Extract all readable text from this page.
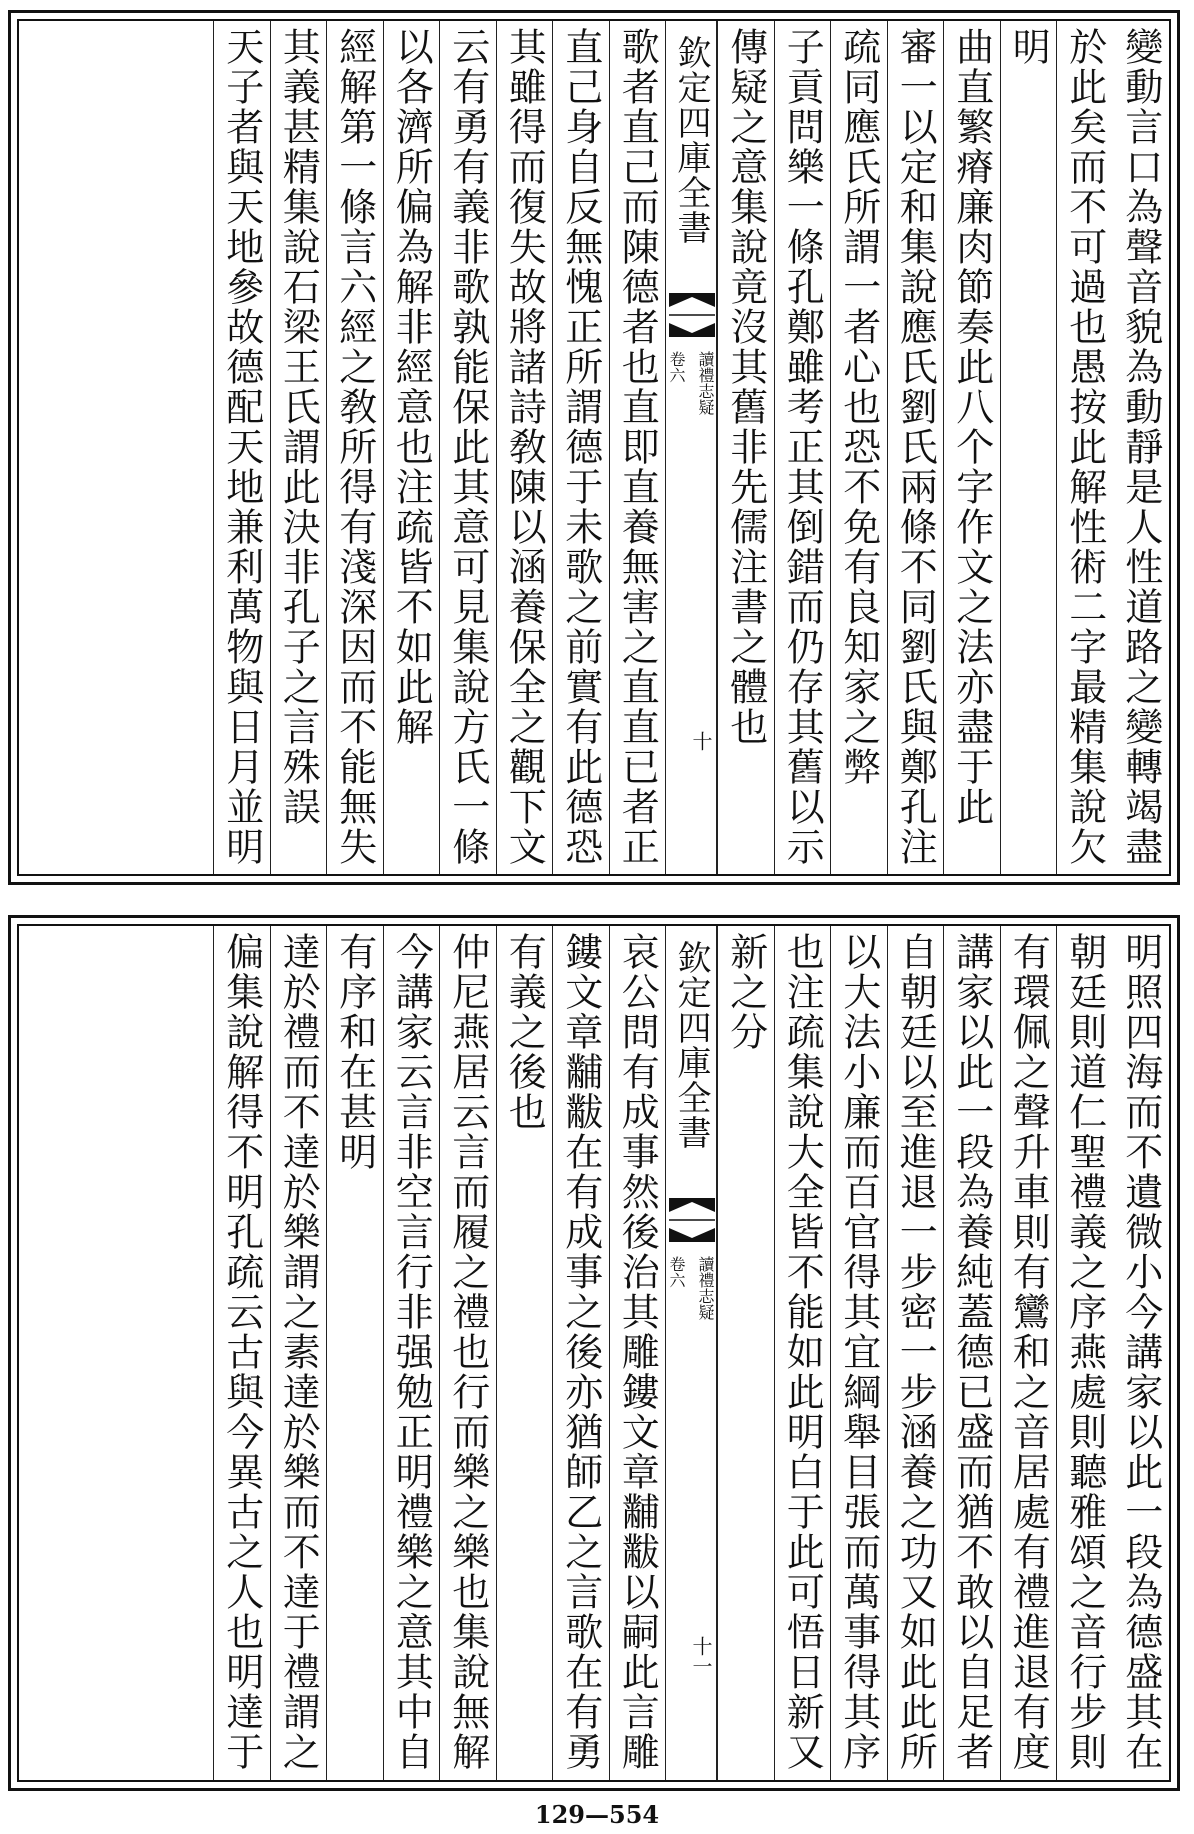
變動言口為聲音貌為動靜是人性道路之變轉竭盡
於此矣而不可過也愚按此解性術二字最精集說欠
明
曲直繁瘠廉肉節奏此八个字作文之法亦盡于此
審一以定和集說應氏劉氏兩條不同劉氏與鄭孔注
疏同應氏所謂一者心也恐不免有良知家之弊
子貢問樂一條孔鄭雖考正其倒錯而仍存其舊以示
傳疑之意集說竟沒其舊非先儒注書之體也
欽定四庫全書
讀禮志疑
卷六
十
歌者直己而陳德者也直即直養無害之直直已者正
直己身自反無愧正所謂德于未歌之前實有此德恐
其雖得而復失故將諸詩敎陳以涵養保全之觀下文
云有勇有義非歌孰能保此其意可見集說方氏一條
以各濟所偏為解非經意也注疏皆不如此解
經解第一條言六經之敎所得有淺深因而不能無失
其義甚精集說石梁王氏謂此決非孔子之言殊誤
天子者與天地參故德配天地兼利萬物與日月並明
明照四海而不遺微小今講家以此一段為德盛其在
朝廷則道仁聖禮義之序燕處則聽雅頌之音行步則
有環佩之聲升車則有鸞和之音居處有禮進退有度
講家以此一段為養純蓋德已盛而猶不敢以自足者
自朝廷以至進退一步密一步涵養之功又如此此所
以大法小廉而百官得其宜綱舉目張而萬事得其序
也注疏集說大全皆不能如此明白于此可悟日新又
新之分
欽定四庫全書
讀禮志疑
卷六
十一
哀公問有成事然後治其雕鏤文章黼黻以嗣此言雕
鏤文章黼黻在有成事之後亦猶師乙之言歌在有勇
有義之後也
仲尼燕居云言而履之禮也行而樂之樂也集說無解
今講家云言非空言行非强勉正明禮樂之意其中自
有序和在甚明
達於禮而不達於樂謂之素達於樂而不達于禮謂之
偏集說解得不明孔疏云古與今異古之人也明達于
129—554
